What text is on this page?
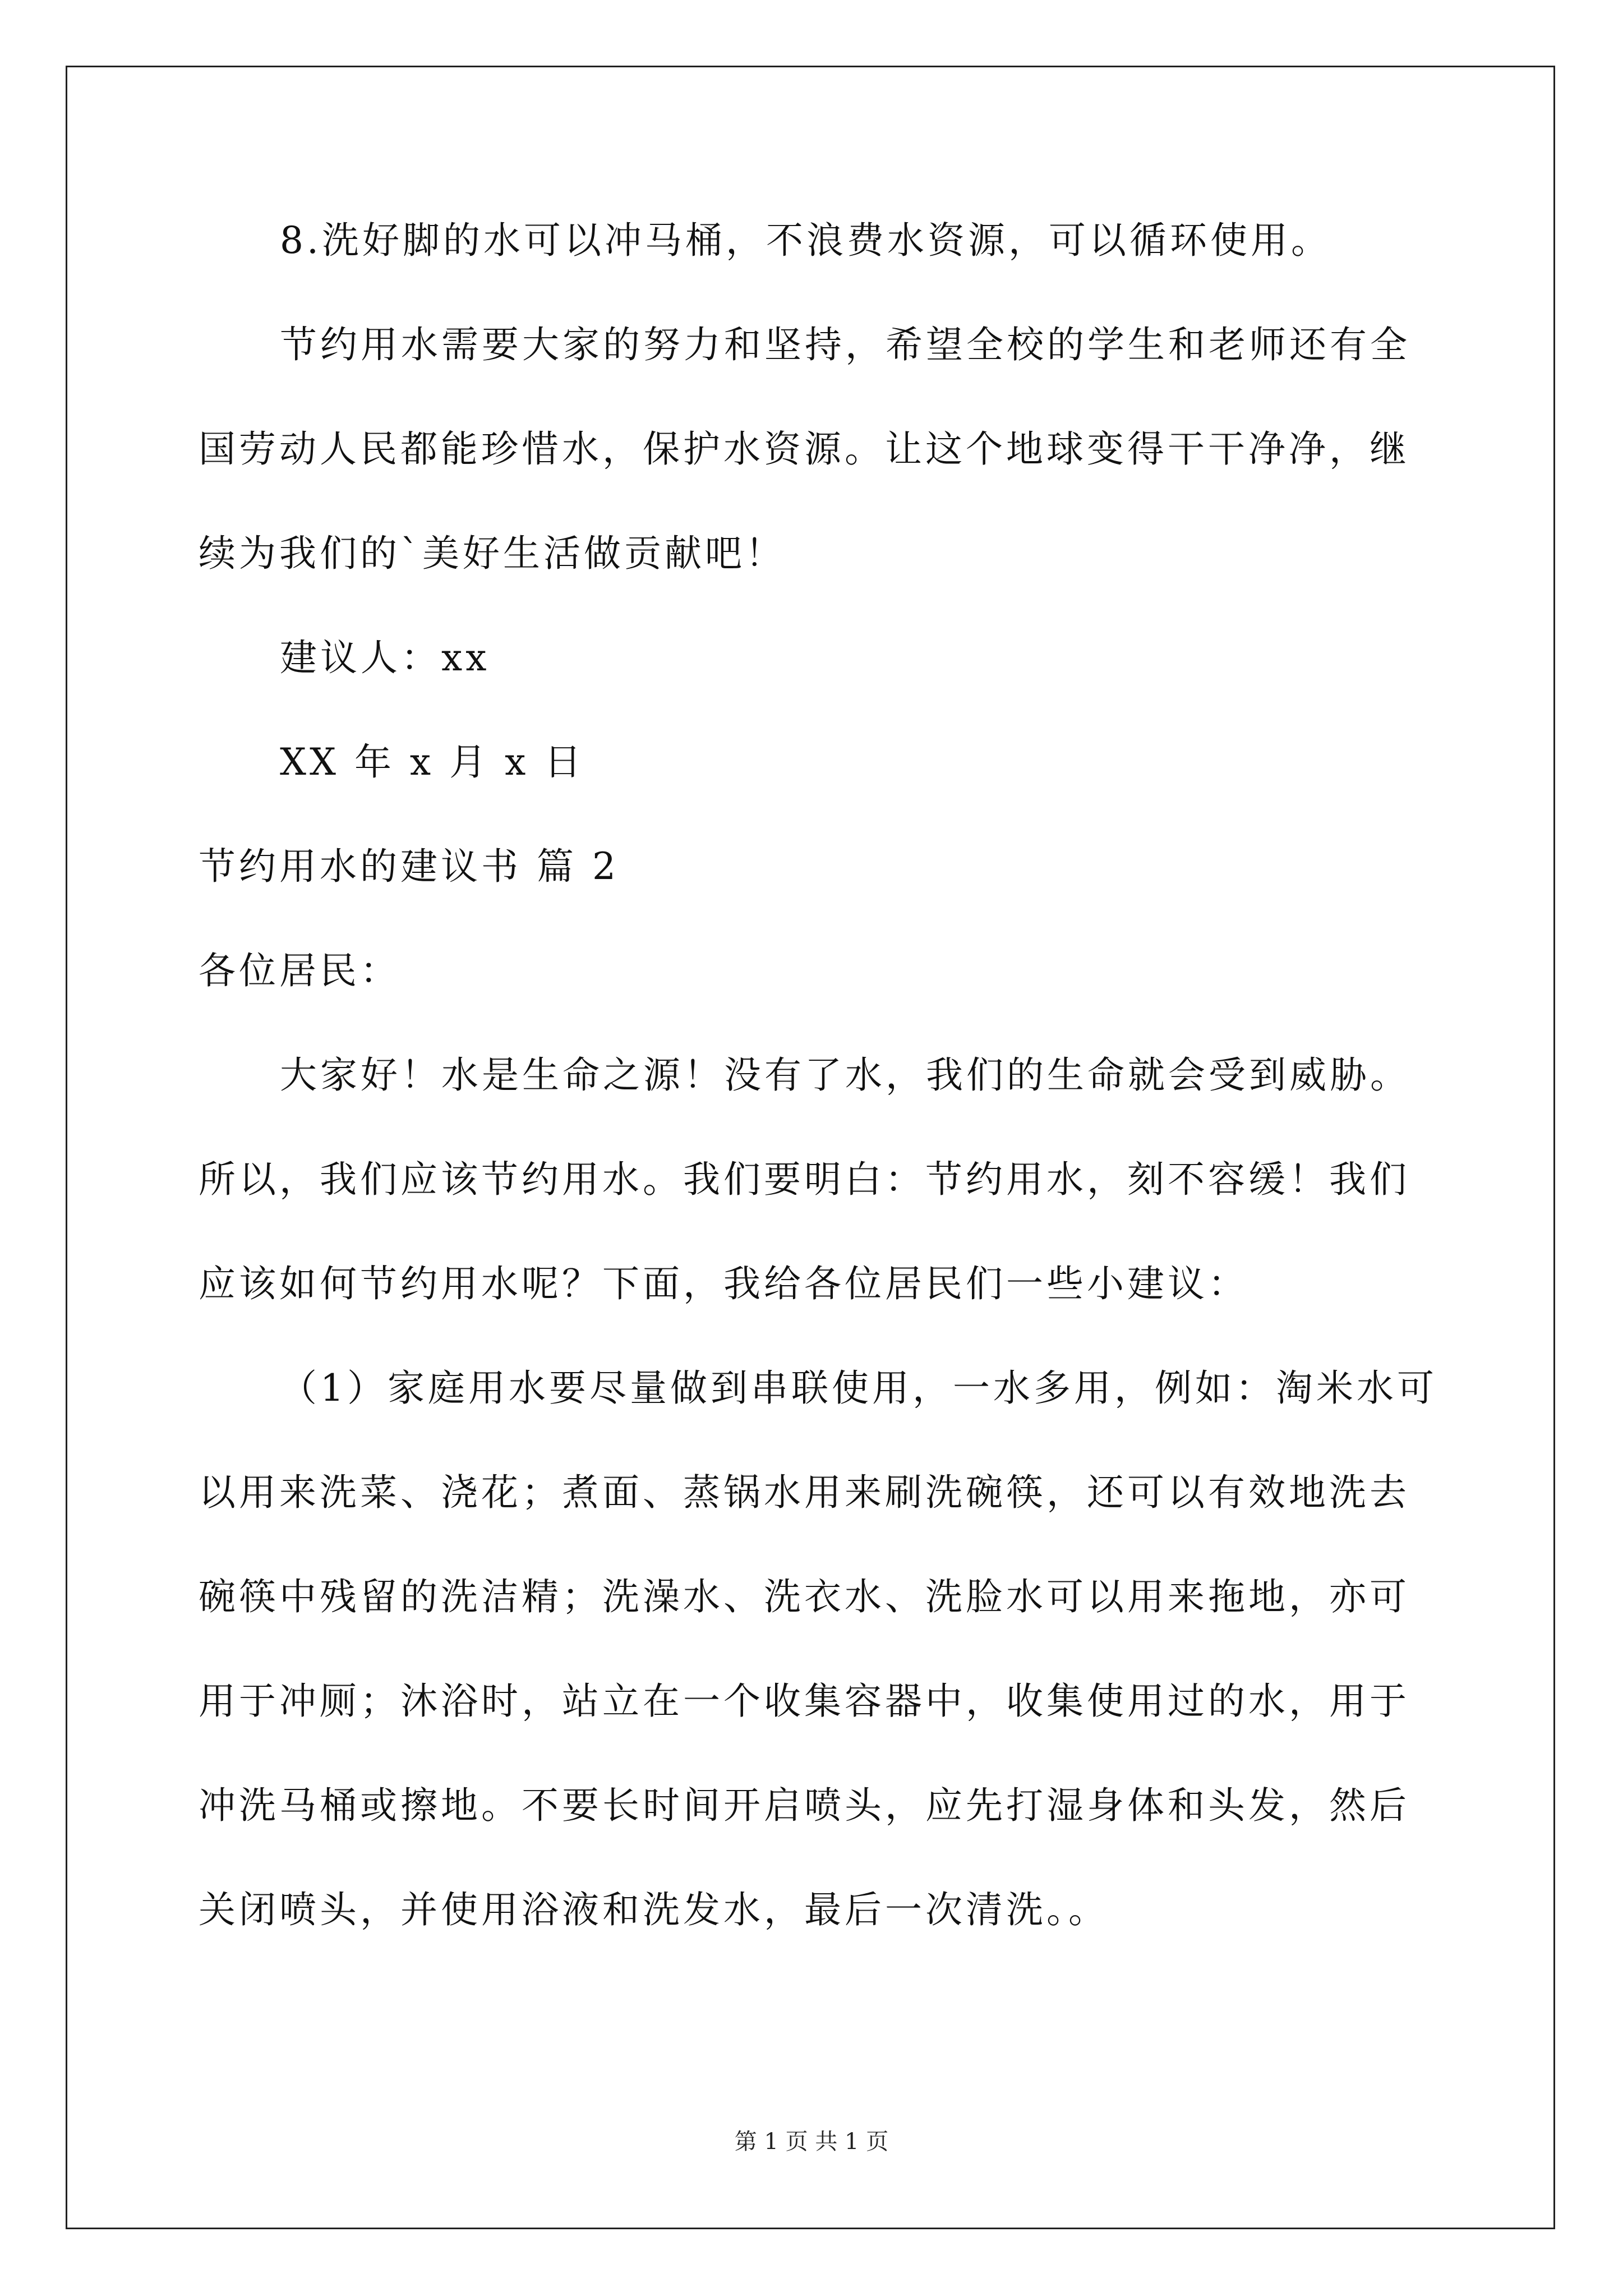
8.洗好脚的水可以冲马桶，不浪费水资源，可以循环使用。

节约用水需要大家的努力和坚持，希望全校的学生和老师还有全

国劳动人民都能珍惜水，保护水资源。让这个地球变得干干净净，继

续为我们的`美好生活做贡献吧！

建议人：xx

XX 年 x 月 x 日

节约用水的建议书 篇 2

各位居民：

大家好！水是生命之源！没有了水，我们的生命就会受到威胁。

所以，我们应该节约用水。我们要明白：节约用水，刻不容缓！我们

应该如何节约用水呢？下面，我给各位居民们一些小建议：

（1）家庭用水要尽量做到串联使用，一水多用，例如：淘米水可

以用来洗菜、浇花；煮面、蒸锅水用来刷洗碗筷，还可以有效地洗去

碗筷中残留的洗洁精；洗澡水、洗衣水、洗脸水可以用来拖地，亦可

用于冲厕；沐浴时，站立在一个收集容器中，收集使用过的水，用于

冲洗马桶或擦地。不要长时间开启喷头，应先打湿身体和头发，然后

关闭喷头，并使用浴液和洗发水，最后一次清洗。。

第 1 页 共 1 页
